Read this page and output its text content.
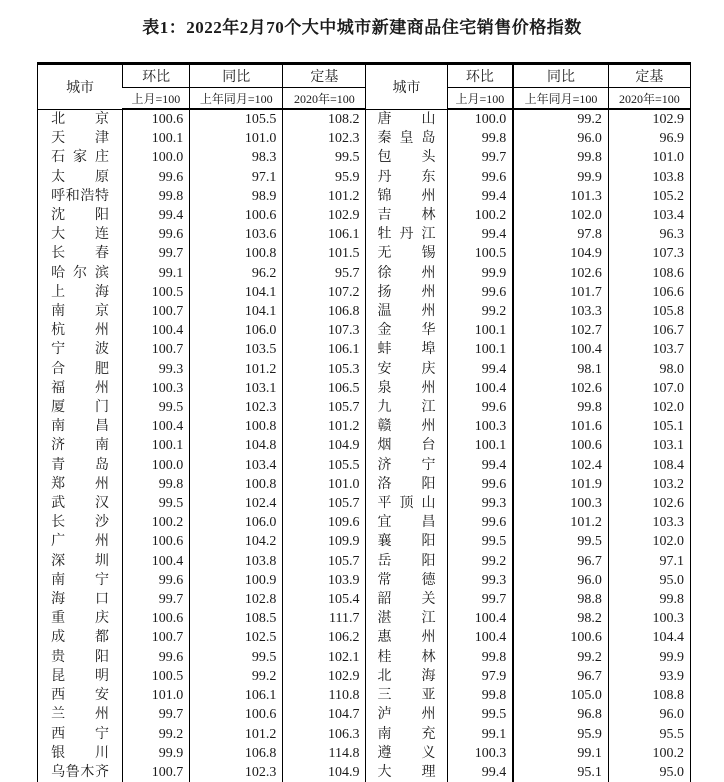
表1：2022年2月70个大中城市新建商品住宅销售价格指数
城市	环比	同比	定基	城市	环比	同比	定基
	上月=100	上年同月=100	2020年=100		上月=100	上年同月=100	2020年=100
北京	100.6	105.5	108.2	唐山	100.0	99.2	102.9
天津	100.1	101.0	102.3	秦皇岛	99.8	96.0	96.9
石家庄	100.0	98.3	99.5	包头	99.7	99.8	101.0
太原	99.6	97.1	95.9	丹东	99.6	99.9	103.8
呼和浩特	99.8	98.9	101.2	锦州	99.4	101.3	105.2
沈阳	99.4	100.6	102.9	吉林	100.2	102.0	103.4
大连	99.6	103.6	106.1	牡丹江	99.4	97.8	96.3
长春	99.7	100.8	101.5	无锡	100.5	104.9	107.3
哈尔滨	99.1	96.2	95.7	徐州	99.9	102.6	108.6
上海	100.5	104.1	107.2	扬州	99.6	101.7	106.6
南京	100.7	104.1	106.8	温州	99.2	103.3	105.8
杭州	100.4	106.0	107.3	金华	100.1	102.7	106.7
宁波	100.7	103.5	106.1	蚌埠	100.1	100.4	103.7
合肥	99.3	101.2	105.3	安庆	99.4	98.1	98.0
福州	100.3	103.1	106.5	泉州	100.4	102.6	107.0
厦门	99.5	102.3	105.7	九江	99.6	99.8	102.0
南昌	100.4	100.8	101.2	赣州	100.3	101.6	105.1
济南	100.1	104.8	104.9	烟台	100.1	100.6	103.1
青岛	100.0	103.4	105.5	济宁	99.4	102.4	108.4
郑州	99.8	100.8	101.0	洛阳	99.6	101.9	103.2
武汉	99.5	102.4	105.7	平顶山	99.3	100.3	102.6
长沙	100.2	106.0	109.6	宜昌	99.6	101.2	103.3
广州	100.6	104.2	109.9	襄阳	99.5	99.5	102.0
深圳	100.4	103.8	105.7	岳阳	99.2	96.7	97.1
南宁	99.6	100.9	103.9	常德	99.3	96.0	95.0
海口	99.7	102.8	105.4	韶关	99.7	98.8	99.8
重庆	100.6	108.5	111.7	湛江	100.4	98.2	100.3
成都	100.7	102.5	106.2	惠州	100.4	100.6	104.4
贵阳	99.6	99.5	102.1	桂林	99.8	99.2	99.9
昆明	100.5	99.2	102.9	北海	97.9	96.7	93.9
西安	101.0	106.1	110.8	三亚	99.8	105.0	108.8
兰州	99.7	100.6	104.7	泸州	99.5	96.8	96.0
西宁	99.2	101.2	106.3	南充	99.1	95.9	95.5
银川	99.9	106.8	114.8	遵义	100.3	99.1	100.2
乌鲁木齐	100.7	102.3	104.9	大理	99.4	95.1	95.0
